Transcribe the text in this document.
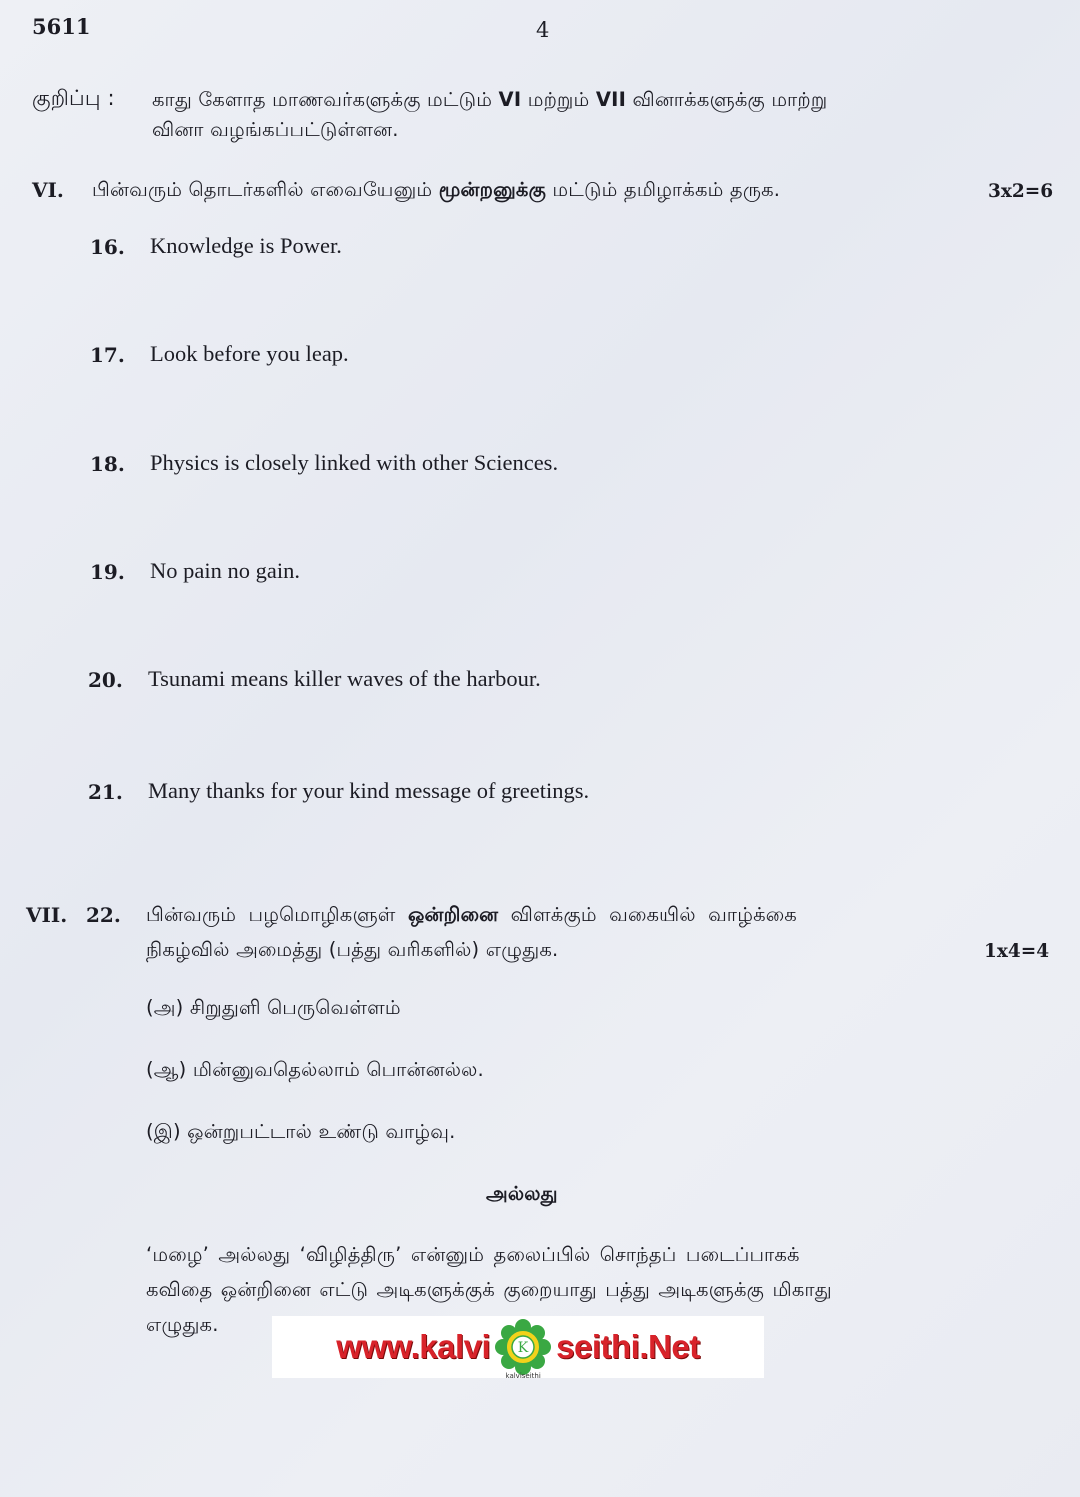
5611	4
குறிப்பு : காது கேளாத மாணவர்களுக்கு மட்டும் VI மற்றும் VII வினாக்களுக்கு மாற்று
வினா வழங்கப்பட்டுள்ளன.
VI. பின்வரும் தொடர்களில் எவையேனும் மூன்றனுக்கு மட்டும் தமிழாக்கம் தருக.	3x2=6
16. Knowledge is Power.
17. Look before you leap.
18. Physics is closely linked with other Sciences.
19. No pain no gain.
20. Tsunami means killer waves of the harbour.
21. Many thanks for your kind message of greetings.
VII. 22. பின்வரும் பழமொழிகளுள் ஒன்றினை விளக்கும் வகையில் வாழ்க்கை
நிகழ்வில் அமைத்து (பத்து வரிகளில்) எழுதுக.	1x4=4
(அ) சிறுதுளி பெருவெள்ளம்
(ஆ) மின்னுவதெல்லாம் பொன்னல்ல.
(இ) ஒன்றுபட்டால் உண்டு வாழ்வு.
அல்லது
‘மழை’ அல்லது ‘விழித்திரு’ என்னும் தலைப்பில் சொந்தப் படைப்பாகக்
கவிதை ஒன்றினை எட்டு அடிகளுக்குக் குறையாது பத்து அடிகளுக்கு மிகாது
எழுதுக.
www.kalvi K
kalviseithi
seithi.Net
